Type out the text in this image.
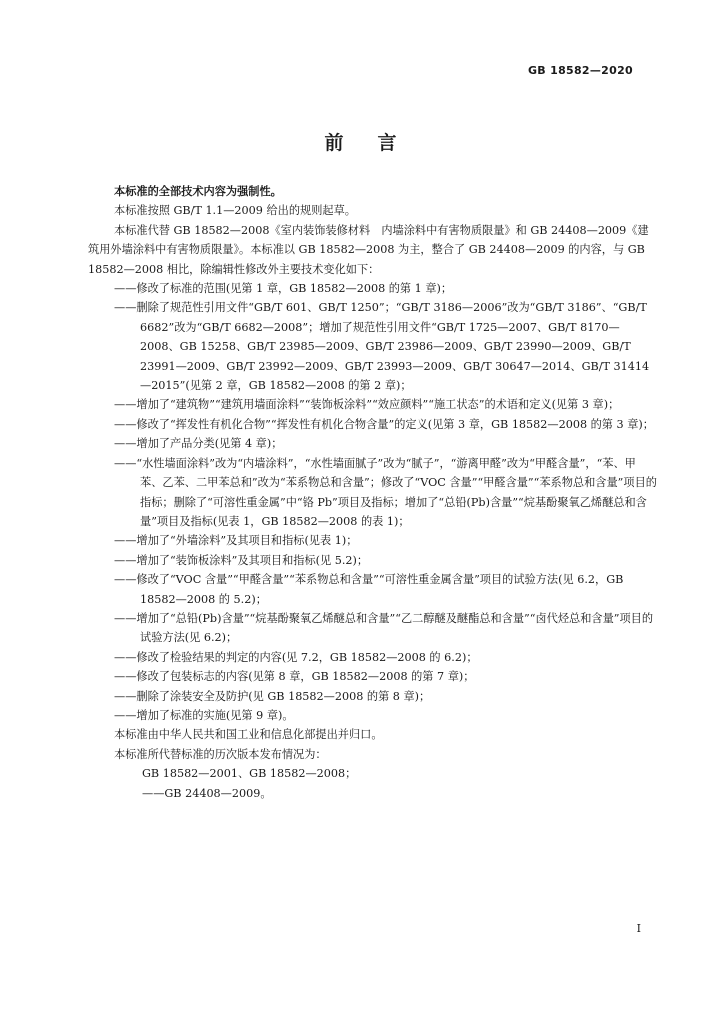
GB 18582—2020
前言

本标准的全部技术内容为强制性。

本标准按照 GB/T 1.1—2009 给出的规则起草。

本标准代替 GB 18582—2008《室内装饰装修材料　内墙涂料中有害物质限量》和 GB 24408—2009《建筑用外墙涂料中有害物质限量》。本标准以 GB 18582—2008 为主，整合了 GB 24408—2009 的内容，与 GB 18582—2008 相比，除编辑性修改外主要技术变化如下：

——修改了标准的范围(见第 1 章，GB 18582—2008 的第 1 章)；

——删除了规范性引用文件“GB/T 601、GB/T 1250”；“GB/T 3186—2006”改为“GB/T 3186”、“GB/T 6682”改为“GB/T 6682—2008”；增加了规范性引用文件“GB/T 1725—2007、GB/T 8170—2008、GB 15258、GB/T 23985—2009、GB/T 23986—2009、GB/T 23990—2009、GB/T 23991—2009、GB/T 23992—2009、GB/T 23993—2009、GB/T 30647—2014、GB/T 31414—2015”(见第 2 章，GB 18582—2008 的第 2 章)；

——增加了“建筑物”“建筑用墙面涂料”“装饰板涂料”“效应颜料”“施工状态”的术语和定义(见第 3 章)；

——修改了“挥发性有机化合物”“挥发性有机化合物含量”的定义(见第 3 章，GB 18582—2008 的第 3 章)；

——增加了产品分类(见第 4 章)；

——“水性墙面涂料”改为“内墙涂料”，“水性墙面腻子”改为“腻子”，“游离甲醛”改为“甲醛含量”，“苯、甲苯、乙苯、二甲苯总和”改为“苯系物总和含量”；修改了“VOC 含量”“甲醛含量”“苯系物总和含量”项目的指标；删除了“可溶性重金属”中“铬 Pb”项目及指标；增加了“总铅(Pb)含量”“烷基酚聚氧乙烯醚总和含量”项目及指标(见表 1，GB 18582—2008 的表 1)；

——增加了“外墙涂料”及其项目和指标(见表 1)；

——增加了“装饰板涂料”及其项目和指标(见 5.2)；

——修改了“VOC 含量”“甲醛含量”“苯系物总和含量”“可溶性重金属含量”项目的试验方法(见 6.2，GB 18582—2008 的 5.2)；

——增加了“总铅(Pb)含量”“烷基酚聚氧乙烯醚总和含量”“乙二醇醚及醚酯总和含量”“卤代烃总和含量”项目的试验方法(见 6.2)；

——修改了检验结果的判定的内容(见 7.2，GB 18582—2008 的 6.2)；

——修改了包装标志的内容(见第 8 章，GB 18582—2008 的第 7 章)；

——删除了涂装安全及防护(见 GB 18582—2008 的第 8 章)；

——增加了标准的实施(见第 9 章)。

本标准由中华人民共和国工业和信息化部提出并归口。

本标准所代替标准的历次版本发布情况为：

GB 18582—2001、GB 18582—2008；

——GB 24408—2009。

I
